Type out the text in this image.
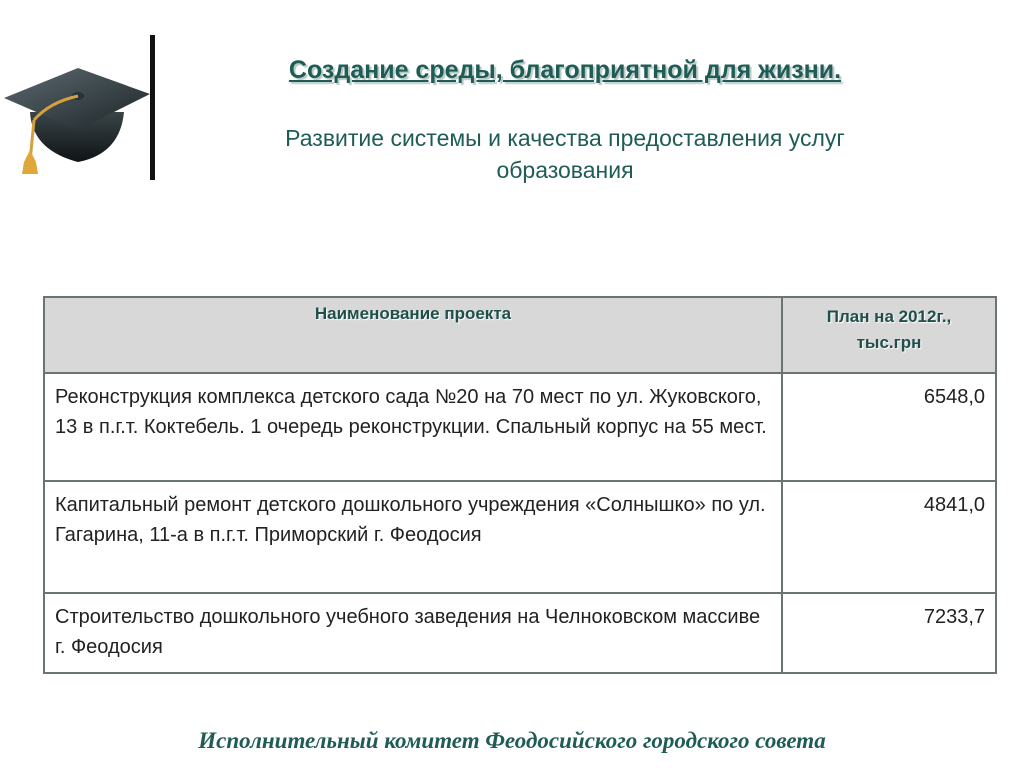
Создание среды, благоприятной для жизни.
Развитие системы и качества предоставления услуг
образования
Наименование проекта	План на 2012г.,
тыс.грн

Реконструкция комплекса детского сада №20 на 70 мест по ул. Жуковского, 13 в п.г.т. Коктебель. 1 очередь реконструкции. Спальный корпус на 55 мест.	6548,0
Капитальный ремонт детского дошкольного учреждения «Солнышко» по ул. Гагарина, 11-а в п.г.т. Приморский г. Феодосия	4841,0
Строительство дошкольного учебного заведения на Челноковском массиве г. Феодосия	7233,7
Исполнительный комитет Феодосийского городского совета
